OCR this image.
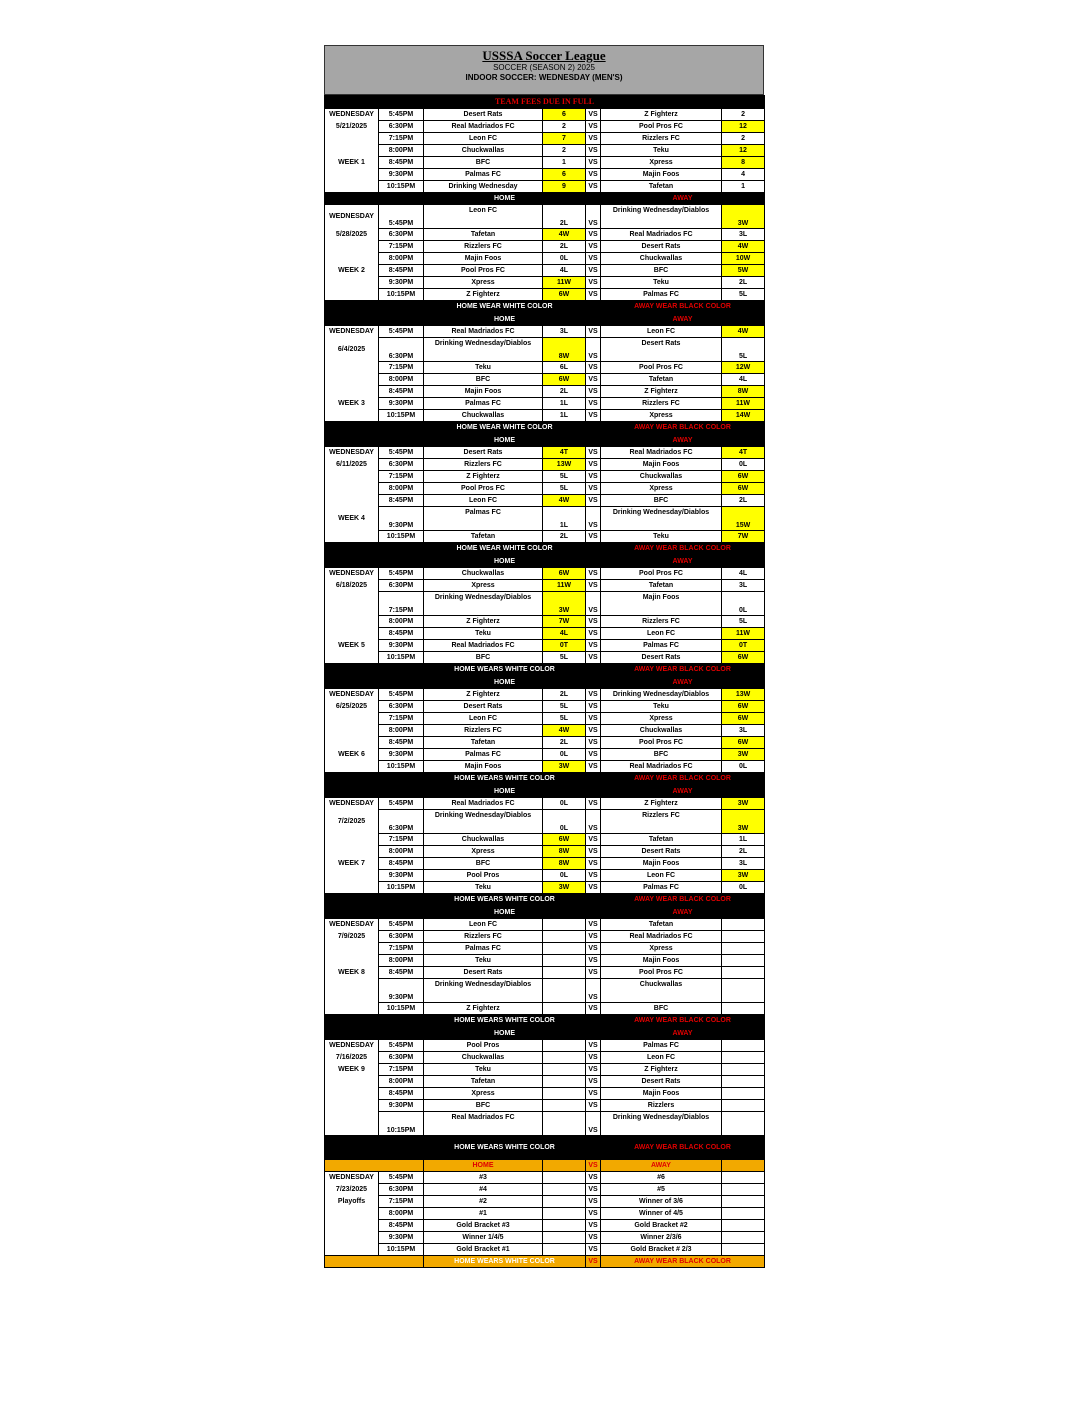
USSSA Soccer League
SOCCER (SEASON 2) 2025
INDOOR SOCCER: WEDNESDAY (MEN'S)
TEAM FEES DUE IN FULL						
WEDNESDAY	5:45PM	Desert Rats	6	VS	Z Fighterz	2
5/21/2025	6:30PM	Real Madriados FC	2	VS	Pool Pros FC	12
	7:15PM	Leon FC	7	VS	Rizzlers FC	2
	8:00PM	Chuckwallas	2	VS	Teku	12
WEEK 1	8:45PM	BFC	1	VS	Xpress	8
	9:30PM	Palmas FC	6	VS	Majin Foos	4
	10:15PM	Drinking Wednesday	9	VS	Tafetan	1
		HOME			AWAY	
WEDNESDAY	5:45PM	Leon FC	2L	VS	Drinking Wednesday/Diablos	3W
5/28/2025	6:30PM	Tafetan	4W	VS	Real Madriados FC	3L
	7:15PM	Rizzlers FC	2L	VS	Desert Rats	4W
	8:00PM	Majin Foos	0L	VS	Chuckwallas	10W
WEEK 2	8:45PM	Pool Pros FC	4L	VS	BFC	5W
	9:30PM	Xpress	11W	VS	Teku	2L
	10:15PM	Z Fighterz	6W	VS	Palmas FC	5L
		HOME WEAR WHITE COLOR			AWAY WEAR BLACK COLOR	
		HOME			AWAY	
WEDNESDAY	5:45PM	Real Madriados FC	3L	VS	Leon FC	4W
6/4/2025	6:30PM	Drinking Wednesday/Diablos	8W	VS	Desert Rats	5L
	7:15PM	Teku	6L	VS	Pool Pros FC	12W
	8:00PM	BFC	6W	VS	Tafetan	4L
	8:45PM	Majin Foos	2L	VS	Z Fighterz	8W
WEEK 3	9:30PM	Palmas FC	1L	VS	Rizzlers FC	11W
	10:15PM	Chuckwallas	1L	VS	Xpress	14W
		HOME WEAR WHITE COLOR			AWAY WEAR BLACK COLOR	
		HOME			AWAY	
WEDNESDAY	5:45PM	Desert Rats	4T	VS	Real Madriados FC	4T
6/11/2025	6:30PM	Rizzlers FC	13W	VS	Majin Foos	0L
	7:15PM	Z Fighterz	5L	VS	Chuckwallas	6W
	8:00PM	Pool Pros FC	5L	VS	Xpress	6W
	8:45PM	Leon FC	4W	VS	BFC	2L
WEEK 4	9:30PM	Palmas FC	1L	VS	Drinking Wednesday/Diablos	15W
	10:15PM	Tafetan	2L	VS	Teku	7W
		HOME WEAR WHITE COLOR			AWAY WEAR BLACK COLOR	
		HOME			AWAY	
WEDNESDAY	5:45PM	Chuckwallas	6W	VS	Pool Pros FC	4L
6/18/2025	6:30PM	Xpress	11W	VS	Tafetan	3L
	7:15PM	Drinking Wednesday/Diablos	3W	VS	Majin Foos	0L
	8:00PM	Z Fighterz	7W	VS	Rizzlers FC	5L
	8:45PM	Teku	4L	VS	Leon FC	11W
WEEK 5	9:30PM	Real Madriados FC	0T	VS	Palmas FC	0T
	10:15PM	BFC	5L	VS	Desert Rats	6W
		HOME WEARS WHITE COLOR			AWAY WEAR BLACK COLOR	
		HOME			AWAY	
WEDNESDAY	5:45PM	Z Fighterz	2L	VS	Drinking Wednesday/Diablos	13W
6/25/2025	6:30PM	Desert Rats	5L	VS	Teku	6W
	7:15PM	Leon FC	5L	VS	Xpress	6W
	8:00PM	Rizzlers FC	4W	VS	Chuckwallas	3L
	8:45PM	Tafetan	2L	VS	Pool Pros FC	6W
WEEK 6	9:30PM	Palmas FC	0L	VS	BFC	3W
	10:15PM	Majin Foos	3W	VS	Real Madriados FC	0L
		HOME WEARS WHITE COLOR			AWAY WEAR BLACK COLOR	
		HOME			AWAY	
WEDNESDAY	5:45PM	Real Madriados FC	0L	VS	Z Fighterz	3W
7/2/2025	6:30PM	Drinking Wednesday/Diablos	0L	VS	Rizzlers FC	3W
	7:15PM	Chuckwallas	6W	VS	Tafetan	1L
	8:00PM	Xpress	8W	VS	Desert Rats	2L
WEEK 7	8:45PM	BFC	8W	VS	Majin Foos	3L
	9:30PM	Pool Pros	0L	VS	Leon FC	3W
	10:15PM	Teku	3W	VS	Palmas FC	0L
		HOME WEARS WHITE COLOR			AWAY WEAR BLACK COLOR	
		HOME			AWAY	
WEDNESDAY	5:45PM	Leon FC		VS	Tafetan	
7/9/2025	6:30PM	Rizzlers FC		VS	Real Madriados FC	
	7:15PM	Palmas FC		VS	Xpress	
	8:00PM	Teku		VS	Majin Foos	
WEEK 8	8:45PM	Desert Rats		VS	Pool Pros FC	
	9:30PM	Drinking Wednesday/Diablos		VS	Chuckwallas	
	10:15PM	Z Fighterz		VS	BFC	
		HOME WEARS WHITE COLOR			AWAY WEAR BLACK COLOR	
		HOME			AWAY	
WEDNESDAY	5:45PM	Pool Pros		VS	Palmas FC	
7/16/2025	6:30PM	Chuckwallas		VS	Leon FC	
WEEK 9	7:15PM	Teku		VS	Z Fighterz	
	8:00PM	Tafetan		VS	Desert Rats	
	8:45PM	Xpress		VS	Majin Foos	
	9:30PM	BFC		VS	Rizzlers	
	10:15PM	Real Madriados FC		VS	Drinking Wednesday/Diablos	
		HOME WEARS WHITE COLOR			AWAY WEAR BLACK COLOR	
		HOME		VS	AWAY	
WEDNESDAY	5:45PM	#3		VS	#6	
7/23/2025	6:30PM	#4		VS	#5	
Playoffs	7:15PM	#2		VS	Winner of 3/6	
	8:00PM	#1		VS	Winner of 4/5	
	8:45PM	Gold Bracket #3		VS	Gold Bracket #2	
	9:30PM	Winner 1/4/5		VS	Winner 2/3/6	
	10:15PM	Gold Bracket #1		VS	Gold Bracket # 2/3	
		HOME WEARS WHITE COLOR		VS	AWAY WEAR BLACK COLOR	
